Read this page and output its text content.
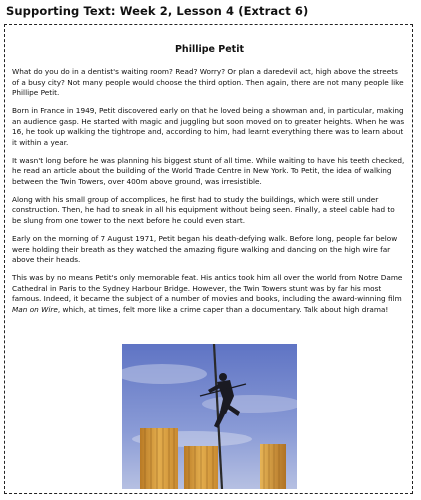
Supporting Text: Week 2, Lesson 4 (Extract 6)
Phillipe Petit

What do you do in a dentist's waiting room? Read? Worry? Or plan a daredevil act, high above the streets of a busy city? Not many people would choose the third option. Then again, there are not many people like Phillipe Petit.

Born in France in 1949, Petit discovered early on that he loved being a showman and, in particular, making an audience gasp. He started with magic and juggling but soon moved on to greater heights. When he was 16, he took up walking the tightrope and, according to him, had learnt everything there was to learn about it within a year.

It wasn't long before he was planning his biggest stunt of all time. While waiting to have his teeth checked, he read an article about the building of the World Trade Centre in New York. To Petit, the idea of walking between the Twin Towers, over 400m above ground, was irresistible.

Along with his small group of accomplices, he first had to study the buildings, which were still under construction. Then, he had to sneak in all his equipment without being seen. Finally, a steel cable had to be slung from one tower to the next before he could even start.

Early on the morning of 7 August 1971, Petit began his death-defying walk. Before long, people far below were holding their breath as they watched the amazing figure walking and dancing on the high wire far above their heads.

This was by no means Petit's only memorable feat. His antics took him all over the world from Notre Dame Cathedral in Paris to the Sydney Harbour Bridge. However, the Twin Towers stunt was by far his most famous. Indeed, it became the subject of a number of movies and books, including the award-winning film Man on Wire, which, at times, felt more like a crime caper than a documentary. Talk about high drama!
